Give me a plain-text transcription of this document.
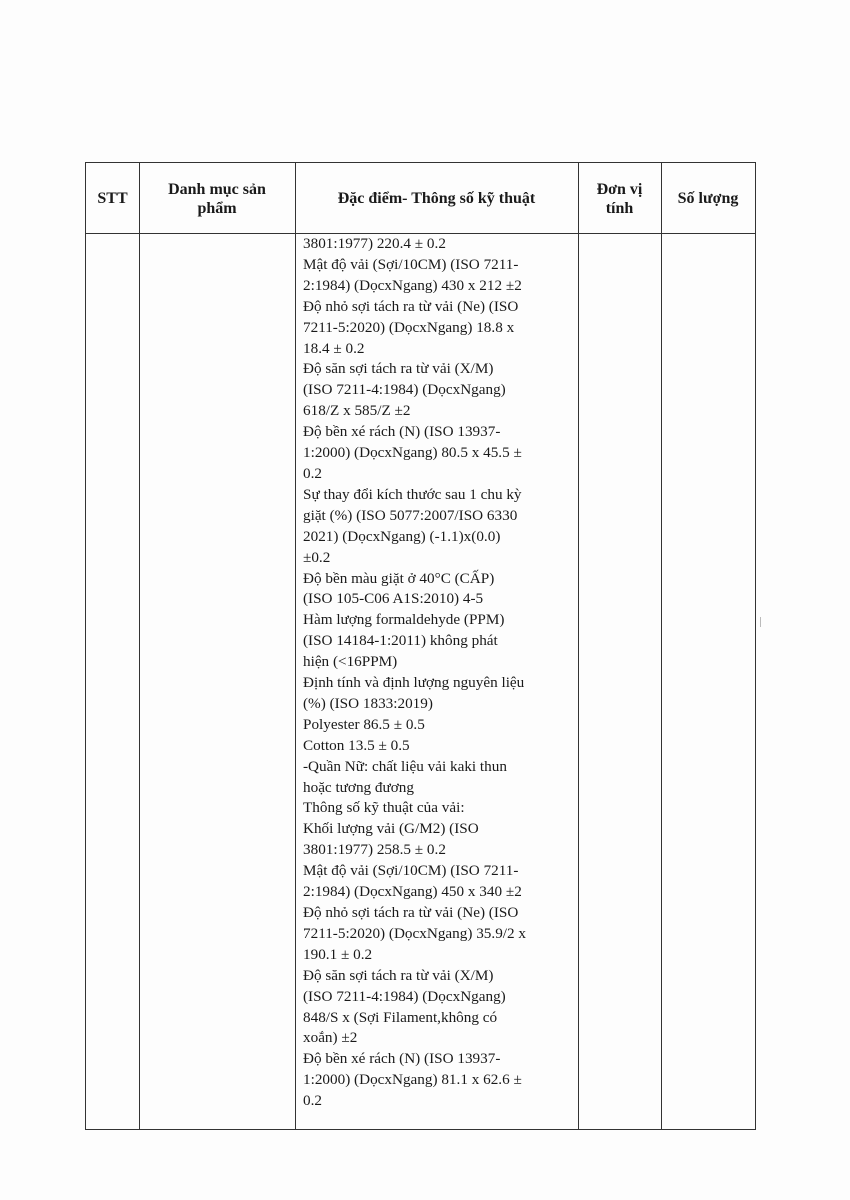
STT
Danh mục sản phẩm
Đặc điểm- Thông số kỹ thuật
Đơn vị tính
Số lượng
3801:1977) 220.4 ± 0.2
Mật độ vải (Sợi/10CM) (ISO 7211-
2:1984) (DọcxNgang) 430 x 212 ±2
Độ nhỏ sợi tách ra từ vải (Ne) (ISO
7211-5:2020) (DọcxNgang) 18.8 x
18.4 ± 0.2
Độ săn sợi tách ra từ vải (X/M)
(ISO 7211-4:1984) (DọcxNgang)
618/Z x 585/Z ±2
Độ bền xé rách (N) (ISO 13937-
1:2000) (DọcxNgang) 80.5 x 45.5 ±
0.2
Sự thay đổi kích thước sau 1 chu kỳ
giặt (%) (ISO 5077:2007/ISO 6330
2021) (DọcxNgang) (-1.1)x(0.0)
±0.2
Độ bền màu giặt ở 40°C (CẤP)
(ISO 105-C06 A1S:2010) 4-5
Hàm lượng formaldehyde (PPM)
(ISO 14184-1:2011) không phát
hiện (<16PPM)
Định tính và định lượng nguyên liệu
(%) (ISO 1833:2019)
Polyester 86.5 ± 0.5
Cotton 13.5 ± 0.5
-Quần Nữ: chất liệu vải kaki thun
hoặc tương đương
Thông số kỹ thuật của vải:
Khối lượng vải (G/M2) (ISO
3801:1977) 258.5 ± 0.2
Mật độ vải (Sợi/10CM) (ISO 7211-
2:1984) (DọcxNgang) 450 x 340 ±2
Độ nhỏ sợi tách ra từ vải (Ne) (ISO
7211-5:2020) (DọcxNgang) 35.9/2 x
190.1 ± 0.2
Độ săn sợi tách ra từ vải (X/M)
(ISO 7211-4:1984) (DọcxNgang)
848/S x (Sợi Filament,không có
xoắn) ±2
Độ bền xé rách (N) (ISO 13937-
1:2000) (DọcxNgang) 81.1 x 62.6 ±
0.2
